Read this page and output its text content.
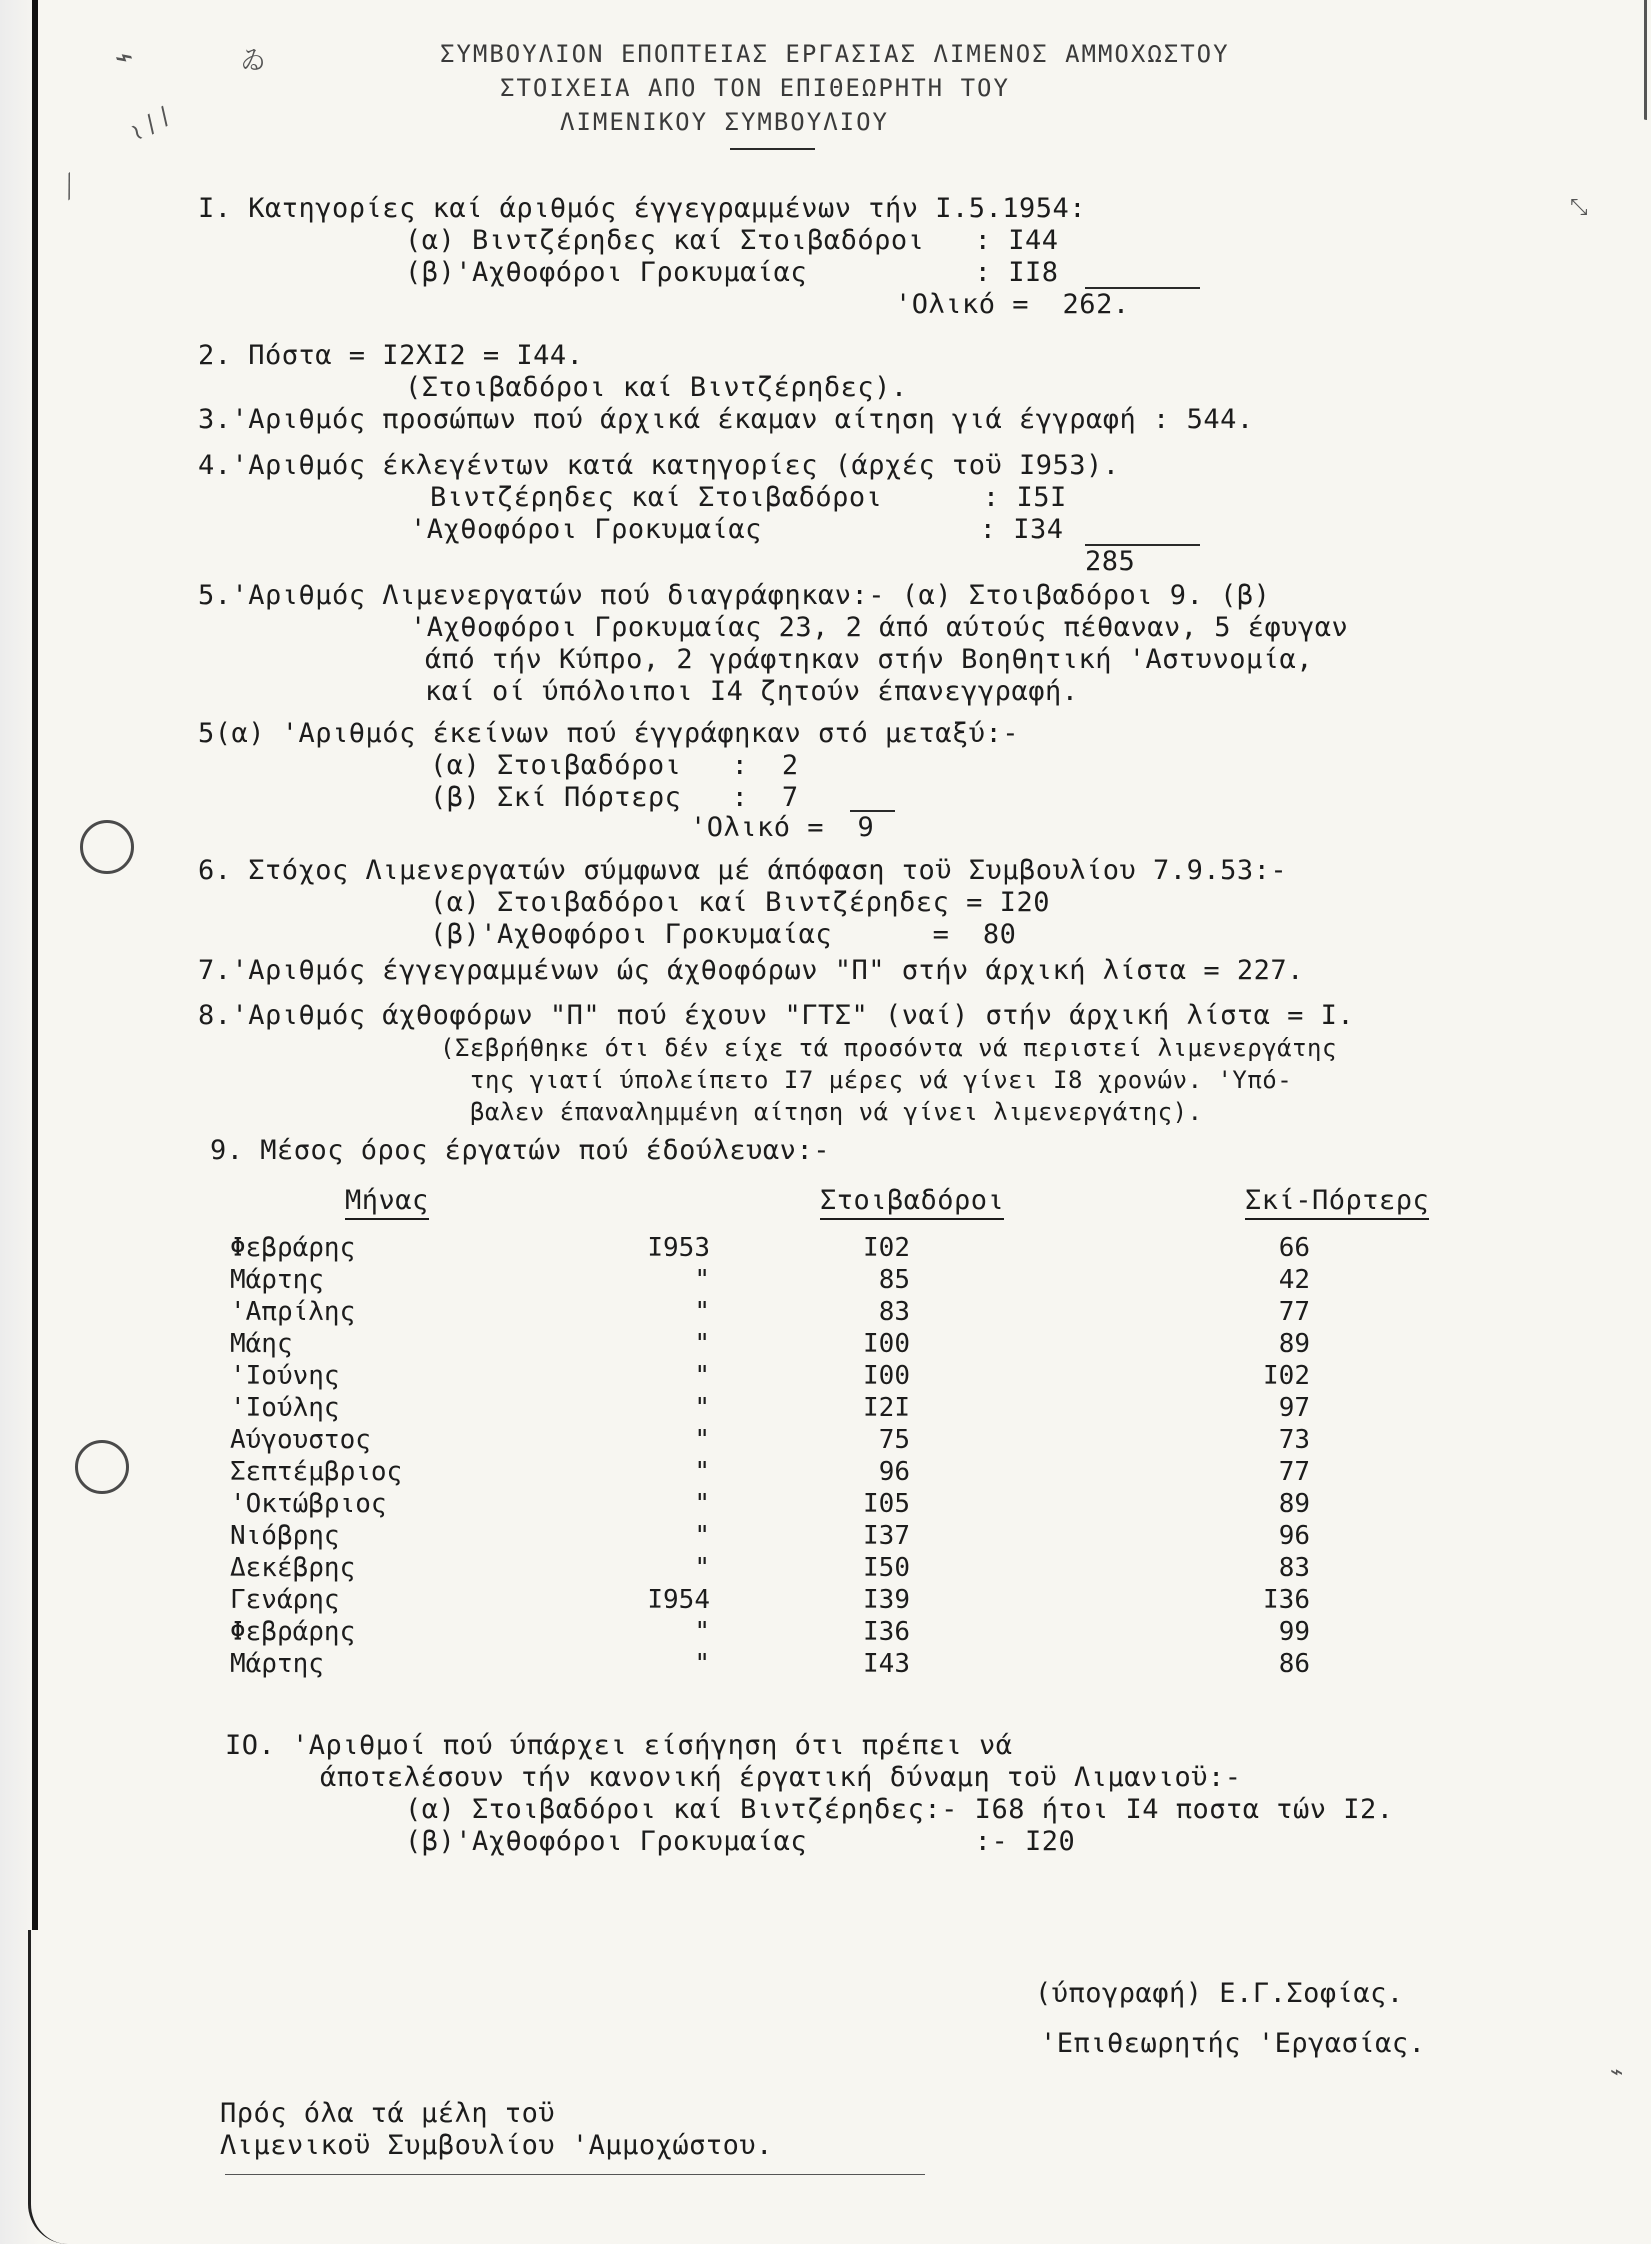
⌁	ゐ
≀ ∕ ∕
⟋
⤡
⌁
ΣΥΜΒΟΥΛΙΟΝ ΕΠΟΠΤΕΙΑΣ ΕΡΓΑΣΙΑΣ ΛΙΜΕΝΟΣ ΑΜΜΟΧΩΣΤΟΥ
ΣΤΟΙΧΕΙΑ ΑΠΟ ΤΟΝ ΕΠΙΘΕΩΡΗΤΗ ΤΟΥ
ΛΙΜΕΝΙΚΟΥ ΣΥΜΒΟΥΛΙΟΥ
Ι. Κατηγορίες καί άριθμός έγγεγραμμένων τήν Ι.5.1954:
(α) Βιντζέρηδες καί Στοιβαδόροι   : Ι44
(β)'Αχθοφόροι Γροκυμαίας          : ΙΙ8
'Ολικό =  262.
2. Πόστα = Ι2ΧΙ2 = Ι44.
(Στοιβαδόροι καί Βιντζέρηδες).
3.'Αριθμός προσώπων πού άρχικά έκαμαν αίτηση γιά έγγραφή : 544.
4.'Αριθμός έκλεγέντων κατά κατηγορίες (άρχές τοϋ Ι953).
Βιντζέρηδες καί Στοιβαδόροι      : Ι5Ι
'Αχθοφόροι Γροκυμαίας             : Ι34
285
5.'Αριθμός Λιμενεργατών πού διαγράφηκαν:- (α) Στοιβαδόροι 9. (β)
'Αχθοφόροι Γροκυμαίας 23, 2 άπό αύτούς πέθαναν, 5 έφυγαν
άπό τήν Κύπρο, 2 γράφτηκαν στήν Βοηθητική 'Αστυνομία,
καί οί ύπόλοιποι Ι4 ζητούν έπανεγγραφή.
5(α) 'Αριθμός έκείνων πού έγγράφηκαν στό μεταξύ:-
(α) Στοιβαδόροι   :  2
(β) Σκί Πόρτερς   :  7
'Ολικό =  9
6. Στόχος Λιμενεργατών σύμφωνα μέ άπόφαση τοϋ Συμβουλίου 7.9.53:-
(α) Στοιβαδόροι καί Βιντζέρηδες = Ι20
(β)'Αχθοφόροι Γροκυμαίας      =  80
7.'Αριθμός έγγεγραμμένων ώς άχθοφόρων "Π" στήν άρχική λίστα = 227.
8.'Αριθμός άχθοφόρων "Π" πού έχουν "ΓΤΣ" (ναί) στήν άρχική λίστα = Ι.
(Σεβρήθηκε ότι δέν είχε τά προσόντα νά περιστεί λιμενεργάτης
της γιατί ύπολείπετο Ι7 μέρες νά γίνει Ι8 χρονών. 'Υπό-
βαλεν έπαναλημμένη αίτηση νά γίνει λιμενεργάτης).
9. Μέσος όρος έργατών πού έδούλευαν:-
Μήνας	Στοιβαδόροι	Σκί-Πόρτερς
Φεβράρης	Ι953	Ι02	66
Μάρτης	"	85	42
'Απρίλης	"	83	77
Μάης	"	Ι00	89
'Ιούνης	"	Ι00	Ι02
'Ιούλης	"	Ι2Ι	97
Αύγουστος	"	75	73
Σεπτέμβριος	"	96	77
'Οκτώβριος	"	Ι05	89
Νιόβρης	"	Ι37	96
Δεκέβρης	"	Ι50	83
Γενάρης	Ι954	Ι39	Ι36
Φεβράρης	"	Ι36	99
Μάρτης	"	Ι43	86
ΙΟ. 'Αριθμοί πού ύπάρχει είσήγηση ότι πρέπει νά
άποτελέσουν τήν κανονική έργατική δύναμη τοϋ Λιμανιοϋ:-
(α) Στοιβαδόροι καί Βιντζέρηδες:- Ι68 ήτοι Ι4 ποστα τών Ι2.
(β)'Αχθοφόροι Γροκυμαίας          :- Ι20
(ύπογραφή) Ε.Γ.Σοφίας.
'Επιθεωρητής 'Εργασίας.
Πρός όλα τά μέλη τοϋ
Λιμενικοϋ Συμβουλίου 'Αμμοχώστου.
